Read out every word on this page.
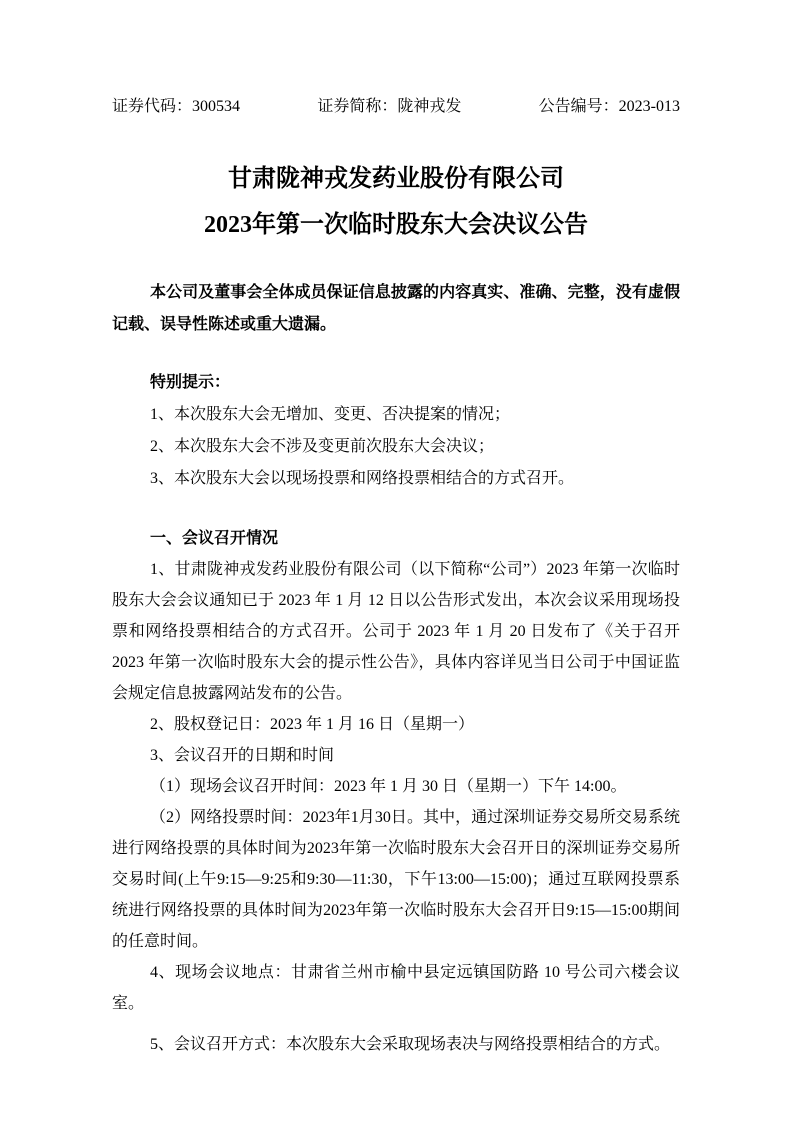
证券代码：300534	证券简称：陇神戎发	公告编号：2023-013

甘肃陇神戎发药业股份有限公司

2023年第一次临时股东大会决议公告

本公司及董事会全体成员保证信息披露的内容真实、准确、完整，没有虚假记载、误导性陈述或重大遗漏。

特别提示：

1、本次股东大会无增加、变更、否决提案的情况；

2、本次股东大会不涉及变更前次股东大会决议；

3、本次股东大会以现场投票和网络投票相结合的方式召开。

一、会议召开情况

1、甘肃陇神戎发药业股份有限公司（以下简称“公司”）2023 年第一次临时股东大会会议通知已于 2023 年 1 月 12 日以公告形式发出，本次会议采用现场投票和网络投票相结合的方式召开。公司于 2023 年 1 月 20 日发布了《关于召开 2023 年第一次临时股东大会的提示性公告》，具体内容详见当日公司于中国证监会规定信息披露网站发布的公告。

2、股权登记日：2023 年 1 月 16 日（星期一）

3、会议召开的日期和时间

（1）现场会议召开时间：2023 年 1 月 30 日（星期一）下午 14:00。

（2）网络投票时间：2023年1月30日。其中，通过深圳证券交易所交易系统进行网络投票的具体时间为2023年第一次临时股东大会召开日的深圳证券交易所交易时间(上午9:15—9:25和9:30—11:30，下午13:00—15:00)；通过互联网投票系统进行网络投票的具体时间为2023年第一次临时股东大会召开日9:15—15:00期间的任意时间。

4、现场会议地点：甘肃省兰州市榆中县定远镇国防路 10 号公司六楼会议室。

5、会议召开方式：本次股东大会采取现场表决与网络投票相结合的方式。
